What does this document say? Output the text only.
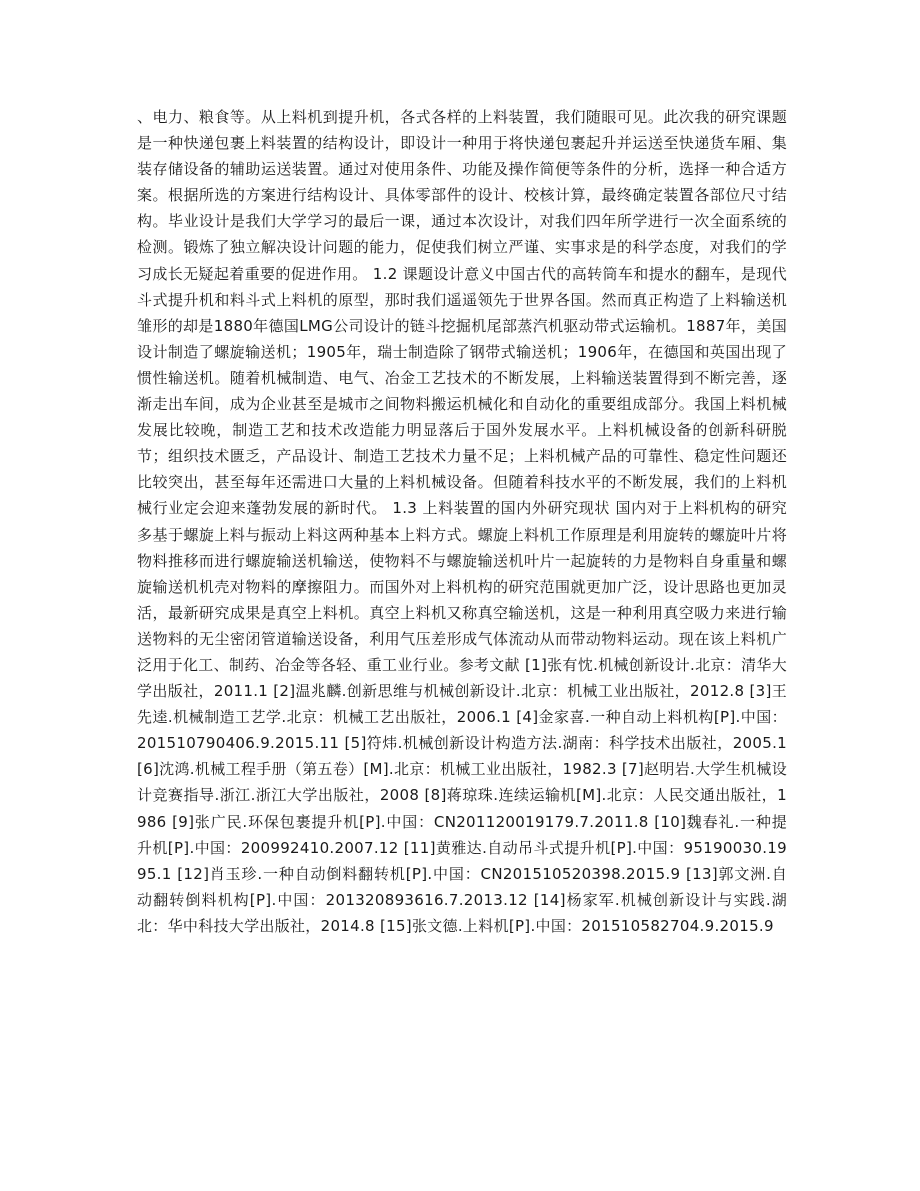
、电力、粮食等。从上料机到提升机，各式各样的上料装置，我们随眼可见。此次我的研究课题是一种快递包裹上料装置的结构设计，即设计一种用于将快递包裹起升并运送至快递货车厢、集装存储设备的辅助运送装置。通过对使用条件、功能及操作简便等条件的分析，选择一种合适方案。根据所选的方案进行结构设计、具体零部件的设计、校核计算，最终确定装置各部位尺寸结构。毕业设计是我们大学学习的最后一课，通过本次设计，对我们四年所学进行一次全面系统的检测。锻炼了独立解决设计问题的能力，促使我们树立严谨、实事求是的科学态度，对我们的学习成长无疑起着重要的促进作用。 1.2 课题设计意义中国古代的高转筒车和提水的翻车，是现代斗式提升机和料斗式上料机的原型，那时我们遥遥领先于世界各国。然而真正构造了上料输送机雏形的却是1880年德国LMG公司设计的链斗挖掘机尾部蒸汽机驱动带式运输机。1887年，美国设计制造了螺旋输送机；1905年，瑞士制造除了钢带式输送机；1906年，在德国和英国出现了惯性输送机。随着机械制造、电气、冶金工艺技术的不断发展，上料输送装置得到不断完善，逐渐走出车间，成为企业甚至是城市之间物料搬运机械化和自动化的重要组成部分。我国上料机械发展比较晚，制造工艺和技术改造能力明显落后于国外发展水平。上料机械设备的创新科研脱节；组织技术匮乏，产品设计、制造工艺技术力量不足；上料机械产品的可靠性、稳定性问题还比较突出，甚至每年还需进口大量的上料机械设备。但随着科技水平的不断发展，我们的上料机械行业定会迎来蓬勃发展的新时代。 1.3 上料装置的国内外研究现状 国内对于上料机构的研究多基于螺旋上料与振动上料这两种基本上料方式。螺旋上料机工作原理是利用旋转的螺旋叶片将物料推移而进行螺旋输送机输送，使物料不与螺旋输送机叶片一起旋转的力是物料自身重量和螺旋输送机机壳对物料的摩擦阻力。而国外对上料机构的研究范围就更加广泛，设计思路也更加灵活，最新研究成果是真空上料机。真空上料机又称真空输送机，这是一种利用真空吸力来进行输送物料的无尘密闭管道输送设备，利用气压差形成气体流动从而带动物料运动。现在该上料机广泛用于化工、制药、冶金等各轻、重工业行业。参考文献 [1]张有忱.机械创新设计.北京：清华大学出版社，2011.1 [2]温兆麟.创新思维与机械创新设计.北京：机械工业出版社，2012.8 [3]王先逵.机械制造工艺学.北京：机械工艺出版社，2006.1 [4]金家喜.一种自动上料机构[P].中国：201510790406.9.2015.11 [5]符炜.机械创新设计构造方法.湖南：科学技术出版社，2005.1 [6]沈鸿.机械工程手册（第五卷）[M].北京：机械工业出版社，1982.3 [7]赵明岩.大学生机械设计竞赛指导.浙江.浙江大学出版社，2008 [8]蒋琼珠.连续运输机[M].北京：人民交通出版社，1986 [9]张广民.环保包裹提升机[P].中国：CN201120019179.7.2011.8 [10]魏春礼.一种提升机[P].中国：200992410.2007.12 [11]黄雅达.自动吊斗式提升机[P].中国：95190030.1995.1 [12]肖玉珍.一种自动倒料翻转机[P].中国：CN201510520398.2015.9 [13]郭文洲.自动翻转倒料机构[P].中国：201320893616.7.2013.12 [14]杨家军.机械创新设计与实践.湖北：华中科技大学出版社，2014.8 [15]张文德.上料机[P].中国：201510582704.9.2015.9
